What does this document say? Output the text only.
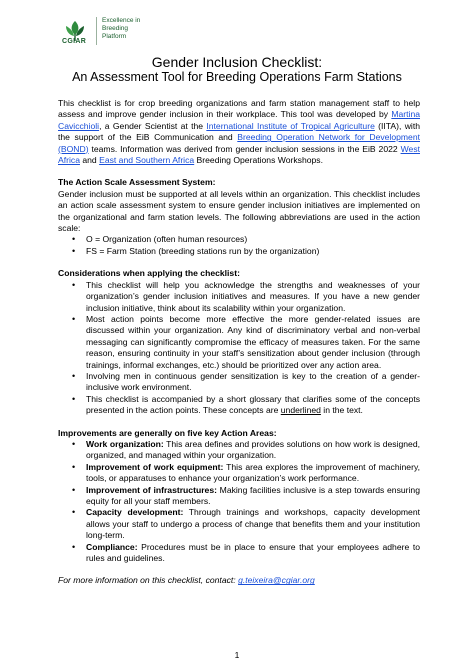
CGIAR
Excellence in
Breeding
Platform
Gender Inclusion Checklist:
An Assessment Tool for Breeding Operations Farm Stations

This checklist is for crop breeding organizations and farm station management staff to help assess and improve gender inclusion in their workplace. This tool was developed by Martina Cavicchioli, a Gender Scientist at the International Institute of Tropical Agriculture (IITA), with the support of the EiB Communication and Breeding Operation Network for Development (BOND) teams. Information was derived from gender inclusion sessions in the EiB 2022 West Africa and East and Southern Africa Breeding Operations Workshops.

The Action Scale Assessment System:

Gender inclusion must be supported at all levels within an organization. This checklist includes an action scale assessment system to ensure gender inclusion initiatives are implemented on the organizational and farm station levels. The following abbreviations are used in the action scale:

• O = Organization (often human resources)
• FS = Farm Station (breeding stations run by the organization)

Considerations when applying the checklist:

• This checklist will help you acknowledge the strengths and weaknesses of your organization’s gender inclusion initiatives and measures. If you have a new gender inclusion initiative, think about its scalability within your organization.
• Most action points become more effective the more gender-related issues are discussed within your organization. Any kind of discriminatory verbal and non-verbal messaging can significantly compromise the efficacy of measures taken. For the same reason, ensuring continuity in your staff’s sensitization about gender inclusion (through trainings, informal exchanges, etc.) should be prioritized over any action area.
• Involving men in continuous gender sensitization is key to the creation of a gender-inclusive work environment.
• This checklist is accompanied by a short glossary that clarifies some of the concepts presented in the action points. These concepts are underlined in the text.

Improvements are generally on five key Action Areas:

• Work organization: This area defines and provides solutions on how work is designed, organized, and managed within your organization.
• Improvement of work equipment: This area explores the improvement of machinery, tools, or apparatuses to enhance your organization’s work performance.
• Improvement of infrastructures: Making facilities inclusive is a step towards ensuring equity for all your staff members.
• Capacity development: Through trainings and workshops, capacity development allows your staff to undergo a process of change that benefits them and your institution long-term.
• Compliance: Procedures must be in place to ensure that your employees adhere to rules and guidelines.

For more information on this checklist, contact: g.teixeira@cgiar.org

1
